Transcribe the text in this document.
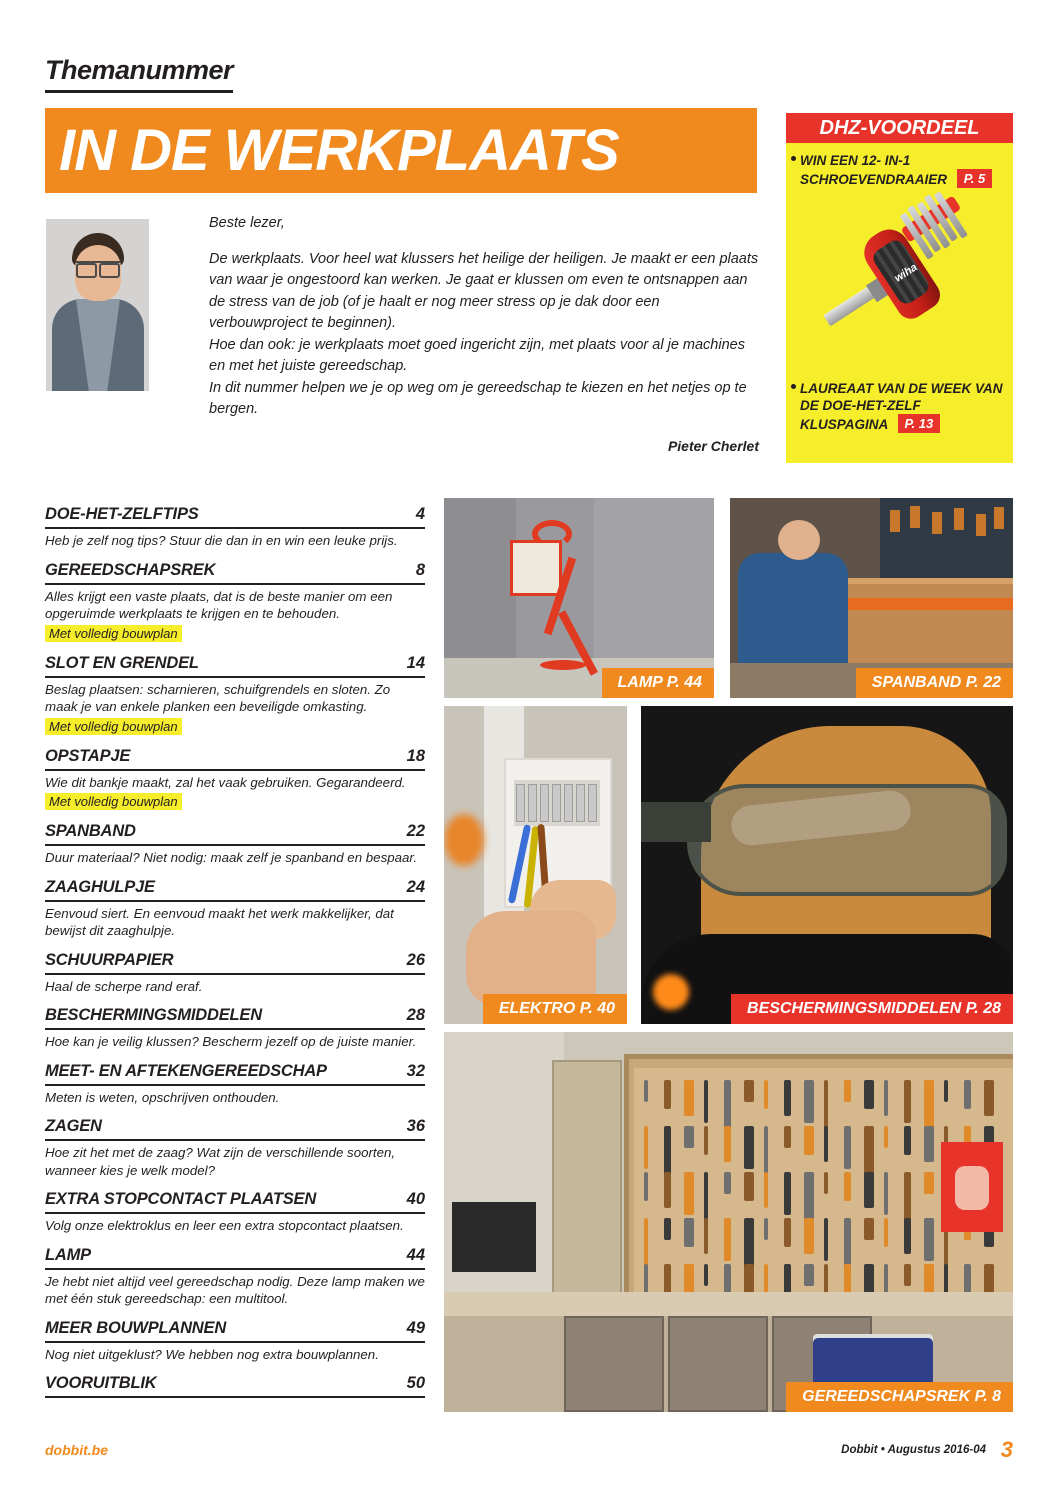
Themanummer
IN DE WERKPLAATS

Beste lezer,

De werkplaats. Voor heel wat klussers het heilige der heiligen. Je maakt er een plaats van waar je ongestoord kan werken. Je gaat er klussen om even te ontsnappen aan de stress van de job (of je haalt er nog meer stress op je dak door een verbouwproject te beginnen).

Hoe dan ook: je werkplaats moet goed ingericht zijn, met plaats voor al je machines en met het juiste gereedschap.

In dit nummer helpen we je op weg om je gereedschap te kiezen en het netjes op te bergen.

Pieter Cherlet
DHZ-VOORDEEL
WIN EEN 12- IN-1 SCHROEVENDRAAIER P. 5
wiha
LAUREAAT VAN DE WEEK VAN DE DOE-HET-ZELF KLUSPAGINA P. 13
DOE-HET-ZELFTIPS	4
Heb je zelf nog tips? Stuur die dan in en win een leuke prijs.
GEREEDSCHAPSREK	8
Alles krijgt een vaste plaats, dat is de beste manier om een opgeruimde werkplaats te krijgen en te behouden.
Met volledig bouwplan
SLOT EN GRENDEL	14
Beslag plaatsen: scharnieren, schuifgrendels en sloten. Zo maak je van enkele planken een beveiligde omkasting.
Met volledig bouwplan
OPSTAPJE	18
Wie dit bankje maakt, zal het vaak gebruiken. Gegarandeerd.
Met volledig bouwplan
SPANBAND	22
Duur materiaal? Niet nodig: maak zelf je spanband en bespaar.
ZAAGHULPJE	24
Eenvoud siert. En eenvoud maakt het werk makkelijker, dat bewijst dit zaaghulpje.
SCHUURPAPIER	26
Haal de scherpe rand eraf.
BESCHERMINGSMIDDELEN	28
Hoe kan je veilig klussen? Bescherm jezelf op de juiste manier.
MEET- EN AFTEKENGEREEDSCHAP	32
Meten is weten, opschrijven onthouden.
ZAGEN	36
Hoe zit het met de zaag? Wat zijn de verschillende soorten, wanneer kies je welk model?
EXTRA STOPCONTACT PLAATSEN	40
Volg onze elektroklus en leer een extra stopcontact plaatsen.
LAMP	44
Je hebt niet altijd veel gereedschap nodig. Deze lamp maken we met één stuk gereedschap: een multitool.
MEER BOUWPLANNEN	49
Nog niet uitgeklust? We hebben nog extra bouwplannen.
VOORUITBLIK	50
LAMP P. 44	SPANBAND P. 22
ELEKTRO P. 40	BESCHERMINGSMIDDELEN P. 28
GEREEDSCHAPSREK P. 8
dobbit.be	Dobbit • Augustus 2016-04 3
